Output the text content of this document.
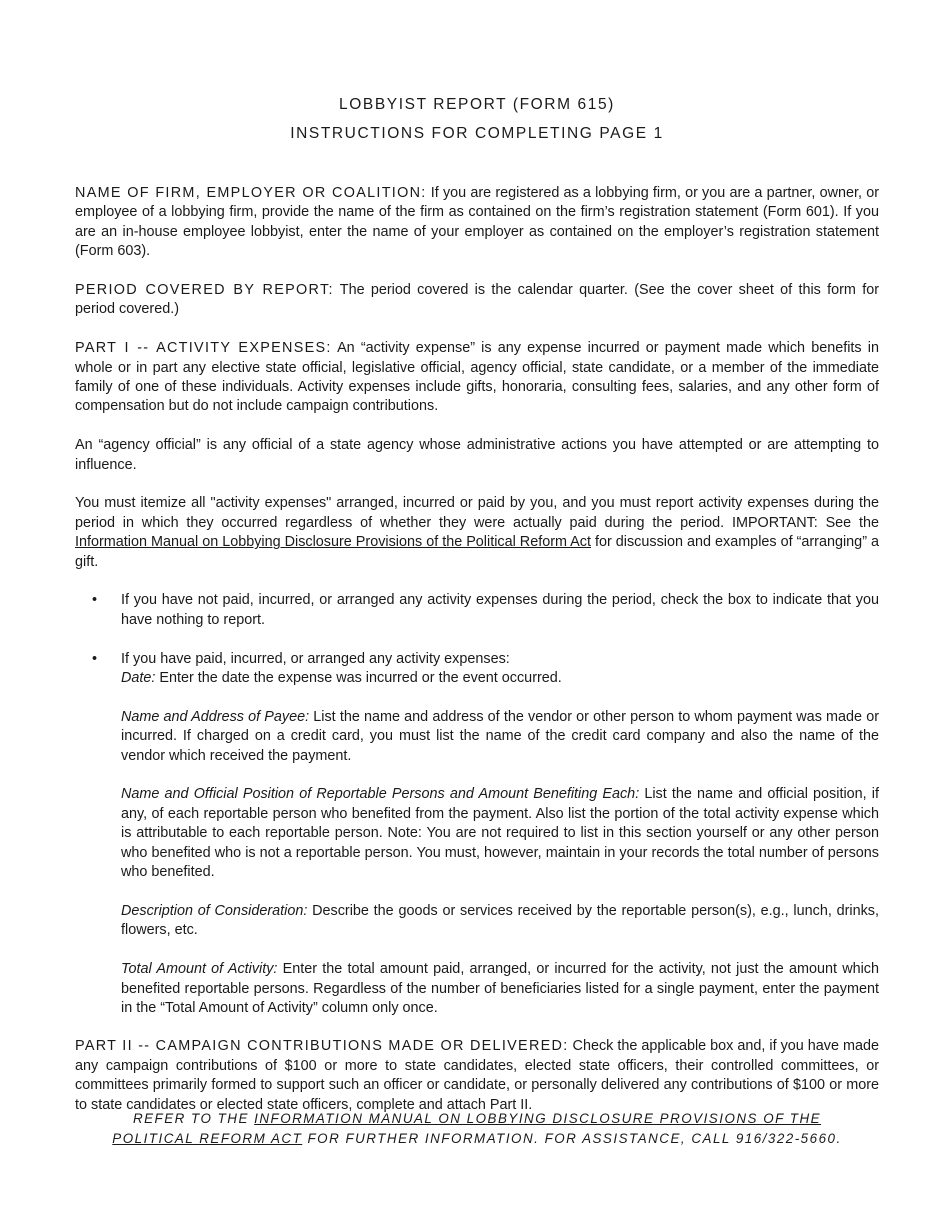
LOBBYIST REPORT (FORM 615)
INSTRUCTIONS FOR COMPLETING PAGE 1

NAME OF FIRM, EMPLOYER OR COALITION: If you are registered as a lobbying firm, or you are a partner, owner, or employee of a lobbying firm, provide the name of the firm as contained on the firm’s registration statement (Form 601). If you are an in-house employee lobbyist, enter the name of your employer as contained on the employer’s registration statement (Form 603).

PERIOD COVERED BY REPORT: The period covered is the calendar quarter. (See the cover sheet of this form for period covered.)

PART I -- ACTIVITY EXPENSES: An “activity expense” is any expense incurred or payment made which benefits in whole or in part any elective state official, legislative official, agency official, state candidate, or a member of the immediate family of one of these individuals. Activity expenses include gifts, honoraria, consulting fees, salaries, and any other form of compensation but do not include campaign contributions.

An “agency official” is any official of a state agency whose administrative actions you have attempted or are attempting to influence.

You must itemize all "activity expenses" arranged, incurred or paid by you, and you must report activity expenses during the period in which they occurred regardless of whether they were actually paid during the period. IMPORTANT: See the Information Manual on Lobbying Disclosure Provisions of the Political Reform Act for discussion and examples of “arranging” a gift.

• If you have not paid, incurred, or arranged any activity expenses during the period, check the box to indicate that you have nothing to report.
• If you have paid, incurred, or arranged any activity expenses:

Date: Enter the date the expense was incurred or the event occurred.

Name and Address of Payee: List the name and address of the vendor or other person to whom payment was made or incurred. If charged on a credit card, you must list the name of the credit card company and also the name of the vendor which received the payment.

Name and Official Position of Reportable Persons and Amount Benefiting Each: List the name and official position, if any, of each reportable person who benefited from the payment. Also list the portion of the total activity expense which is attributable to each reportable person. Note: You are not required to list in this section yourself or any other person who benefited who is not a reportable person. You must, however, maintain in your records the total number of persons who benefited.

Description of Consideration: Describe the goods or services received by the reportable person(s), e.g., lunch, drinks, flowers, etc.

Total Amount of Activity: Enter the total amount paid, arranged, or incurred for the activity, not just the amount which benefited reportable persons. Regardless of the number of beneficiaries listed for a single payment, enter the payment in the “Total Amount of Activity” column only once.

PART II -- CAMPAIGN CONTRIBUTIONS MADE OR DELIVERED: Check the applicable box and, if you have made any campaign contributions of $100 or more to state candidates, elected state officers, their controlled committees, or committees primarily formed to support such an officer or candidate, or personally delivered any contributions of $100 or more to state candidates or elected state officers, complete and attach Part II.

REFER TO THE INFORMATION MANUAL ON LOBBYING DISCLOSURE PROVISIONS OF THE
POLITICAL REFORM ACT FOR FURTHER INFORMATION. FOR ASSISTANCE, CALL 916/322-5660.
